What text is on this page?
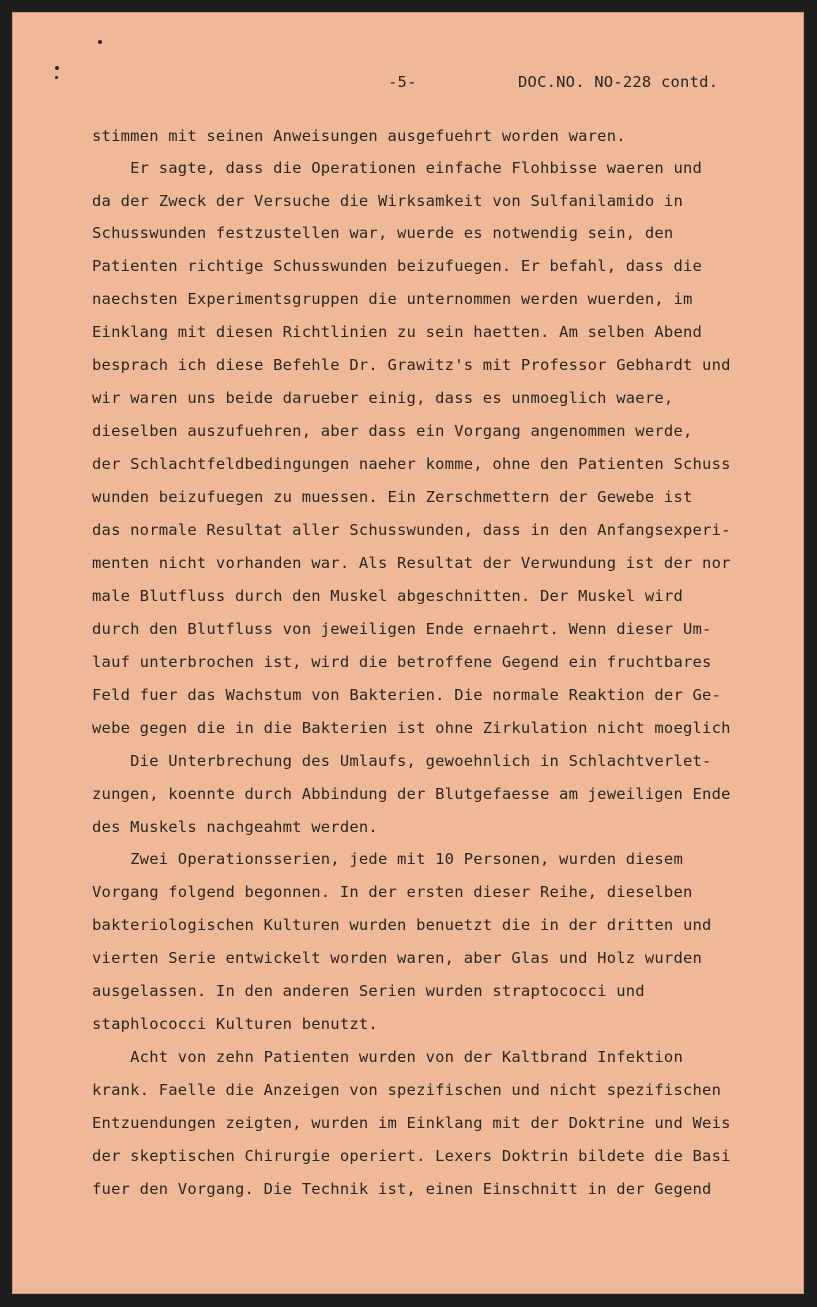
-5-	DOC.NO. NO-228 contd.
stimmen mit seinen Anweisungen ausgefuehrt worden waren.
Er sagte, dass die Operationen einfache Flohbisse waeren und
da der Zweck der Versuche die Wirksamkeit von Sulfanilamido in
Schusswunden festzustellen war, wuerde es notwendig sein, den
Patienten richtige Schusswunden beizufuegen. Er befahl, dass die
naechsten Experimentsgruppen die unternommen werden wuerden, im
Einklang mit diesen Richtlinien zu sein haetten. Am selben Abend
besprach ich diese Befehle Dr. Grawitz's mit Professor Gebhardt und
wir waren uns beide darueber einig, dass es unmoeglich waere,
dieselben auszufuehren, aber dass ein Vorgang angenommen werde,
der Schlachtfeldbedingungen naeher komme, ohne den Patienten Schuss
wunden beizufuegen zu muessen. Ein Zerschmettern der Gewebe ist
das normale Resultat aller Schusswunden, dass in den Anfangsexperi-
menten nicht vorhanden war. Als Resultat der Verwundung ist der nor
male Blutfluss durch den Muskel abgeschnitten. Der Muskel wird
durch den Blutfluss von jeweiligen Ende ernaehrt. Wenn dieser Um-
lauf unterbrochen ist, wird die betroffene Gegend ein fruchtbares
Feld fuer das Wachstum von Bakterien. Die normale Reaktion der Ge-
webe gegen die in die Bakterien ist ohne Zirkulation nicht moeglich
Die Unterbrechung des Umlaufs, gewoehnlich in Schlachtverlet-
zungen, koennte durch Abbindung der Blutgefaesse am jeweiligen Ende
des Muskels nachgeahmt werden.
Zwei Operationsserien, jede mit 10 Personen, wurden diesem
Vorgang folgend begonnen. In der ersten dieser Reihe, dieselben
bakteriologischen Kulturen wurden benuetzt die in der dritten und
vierten Serie entwickelt worden waren, aber Glas und Holz wurden
ausgelassen. In den anderen Serien wurden straptococci und
staphlococci Kulturen benutzt.
Acht von zehn Patienten wurden von der Kaltbrand Infektion
krank. Faelle die Anzeigen von spezifischen und nicht spezifischen
Entzuendungen zeigten, wurden im Einklang mit der Doktrine und Weis
der skeptischen Chirurgie operiert. Lexers Doktrin bildete die Basi
fuer den Vorgang. Die Technik ist, einen Einschnitt in der Gegend
